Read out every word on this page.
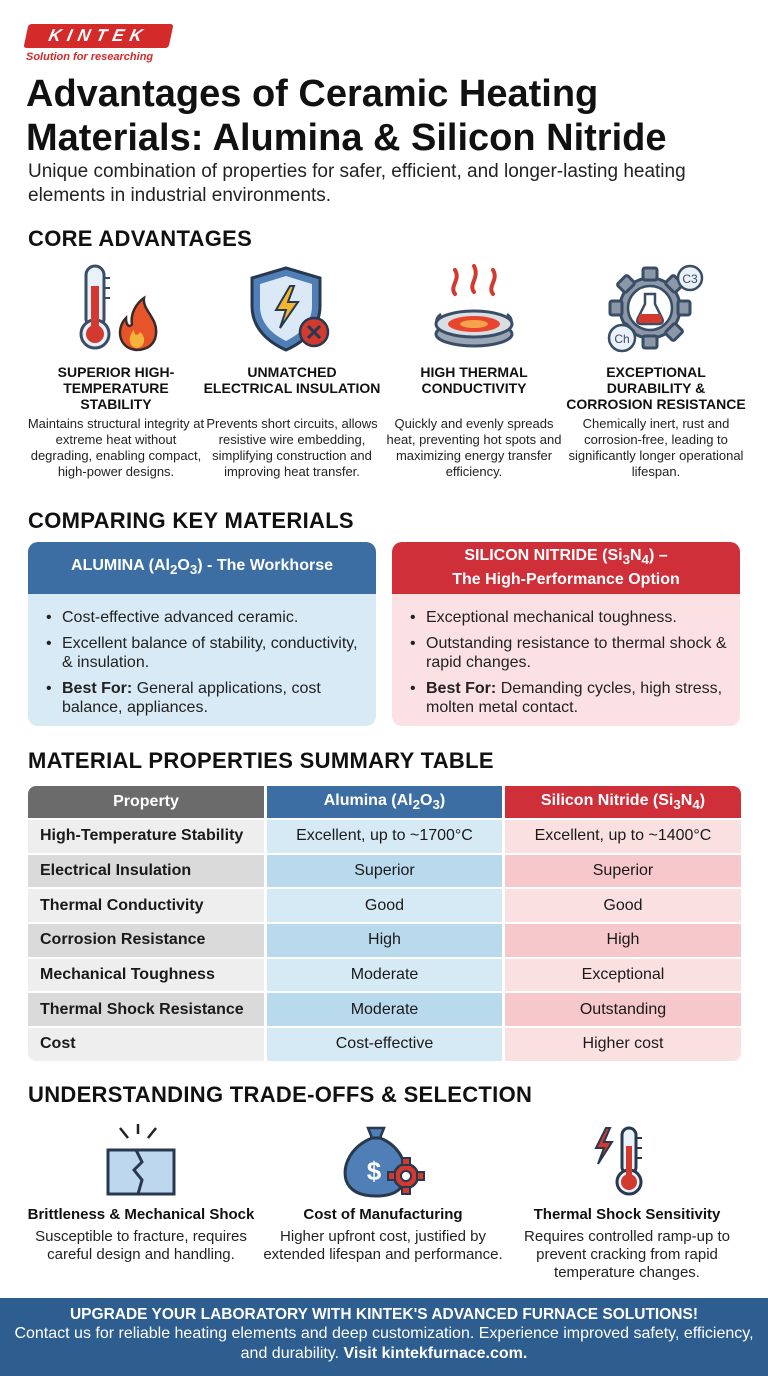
KINTEK
Solution for researching
Advantages of Ceramic Heating Materials: Alumina & Silicon Nitride

Unique combination of properties for safer, efficient, and longer-lasting heating elements in industrial environments.

CORE ADVANTAGES
SUPERIOR HIGH-TEMPERATURE STABILITY
Maintains structural integrity at extreme heat without degrading, enabling compact, high-power designs.
UNMATCHED ELECTRICAL INSULATION
Prevents short circuits, allows resistive wire embedding, simplifying construction and improving heat transfer.
HIGH THERMAL CONDUCTIVITY
Quickly and evenly spreads heat, preventing hot spots and maximizing energy transfer efficiency.
C3
Ch
EXCEPTIONAL DURABILITY & CORROSION RESISTANCE
Chemically inert, rust and corrosion-free, leading to significantly longer operational lifespan.
COMPARING KEY MATERIALS
ALUMINA $(Al_2O_3)$ - The Workhorse
• Cost-effective advanced ceramic.
• Excellent balance of stability, conductivity, & insulation.
• Best For: General applications, cost balance, appliances.
SILICON NITRIDE $(Si_3N_4)$ –
The High-Performance Option
• Exceptional mechanical toughness.
• Outstanding resistance to thermal shock & rapid changes.
• Best For: Demanding cycles, high stress, molten metal contact.
MATERIAL PROPERTIES SUMMARY TABLE
Property	Alumina $(Al_2O_3)$	Silicon Nitride $(Si_3N_4)$
High-Temperature Stability	Excellent, up to ~1700°C	Excellent, up to ~1400°C
Electrical Insulation	Superior	Superior
Thermal Conductivity	Good	Good
Corrosion Resistance	High	High
Mechanical Toughness	Moderate	Exceptional
Thermal Shock Resistance	Moderate	Outstanding
Cost	Cost-effective	Higher cost
UNDERSTANDING TRADE-OFFS & SELECTION
Brittleness & Mechanical Shock
Susceptible to fracture, requires careful design and handling.
$
Cost of Manufacturing
Higher upfront cost, justified by extended lifespan and performance.
Thermal Shock Sensitivity
Requires controlled ramp-up to prevent cracking from rapid temperature changes.
UPGRADE YOUR LABORATORY WITH KINTEK'S ADVANCED FURNACE SOLUTIONS!
Contact us for reliable heating elements and deep customization. Experience improved safety, efficiency, and durability. Visit kintekfurnace.com.
